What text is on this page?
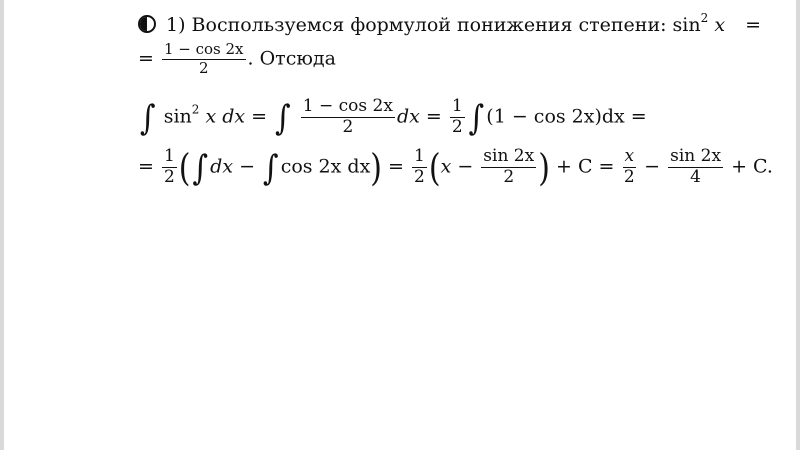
1) Воспользуемся формулой понижения степени: $\sin^2 x$ =
= $\frac{1 - \cos 2x}{2}$ . Отсюда
∫ $\sin^2 x$ dx = ∫ $\frac{1 - \cos 2x}{2}$ dx = $\frac{1}{2}$ ∫ (1 − cos 2x)dx =
= $\frac{1}{2}$ (∫ dx − ∫ cos 2x $dx) = \frac{1}{2} (x - \frac{\sin 2x}{2}$ ) + $C = \frac{x}{2} - \frac{\sin 2x}{4} + C$.
